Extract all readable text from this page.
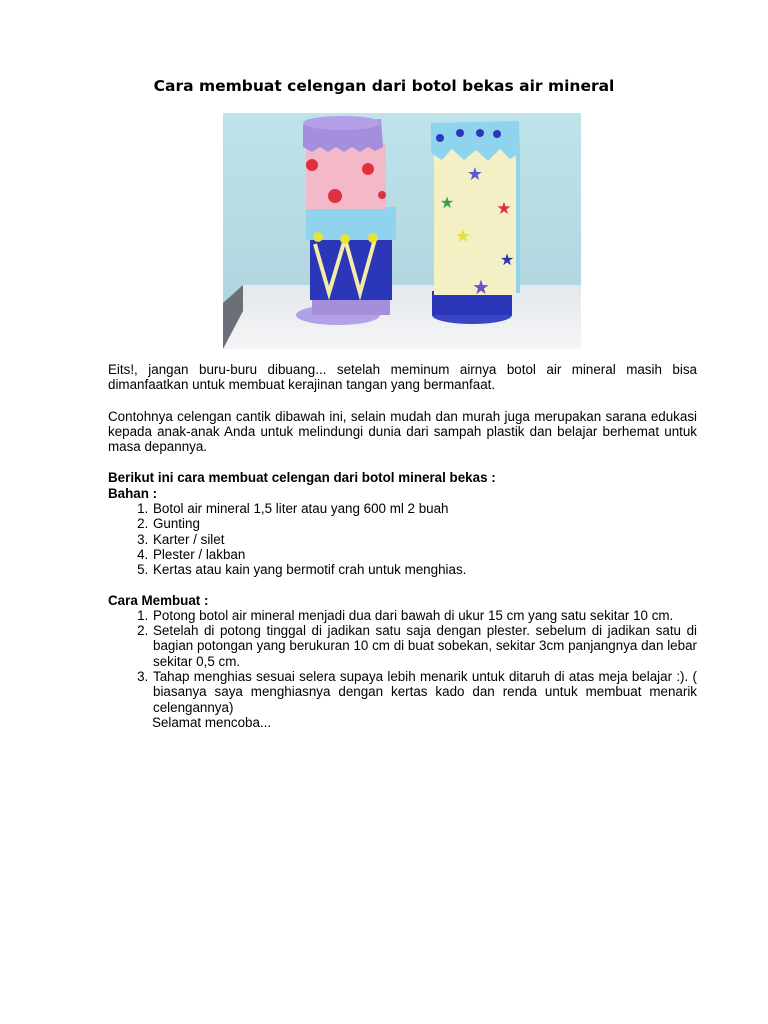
Cara membuat celengan dari botol bekas air mineral
★
★ ★
★
★
★

Eits!, jangan buru-buru dibuang... setelah meminum airnya botol air mineral masih bisa dimanfaatkan untuk membuat kerajinan tangan yang bermanfaat.

Contohnya celengan cantik dibawah ini, selain mudah dan murah juga merupakan sarana edukasi kepada anak-anak Anda untuk melindungi dunia dari sampah plastik dan belajar berhemat untuk masa depannya.

Berikut ini cara membuat celengan dari botol mineral bekas :

Bahan :

1. Botol air mineral 1,5 liter atau yang 600 ml 2 buah
2. Gunting
3. Karter / silet
4. Plester / lakban
5. Kertas atau kain yang bermotif crah untuk menghias.

Cara Membuat :

1. Potong botol air mineral menjadi dua dari bawah di ukur 15 cm yang satu sekitar 10 cm.
2. Setelah di potong tinggal di jadikan satu saja dengan plester. sebelum di jadikan satu di bagian potongan yang berukuran 10 cm di buat sobekan, sekitar 3cm panjangnya dan lebar sekitar 0,5 cm.
3. Tahap menghias sesuai selera supaya lebih menarik untuk ditaruh di atas meja belajar :). ( biasanya saya menghiasnya dengan kertas kado dan renda untuk membuat menarik celengannya)

Selamat mencoba...
